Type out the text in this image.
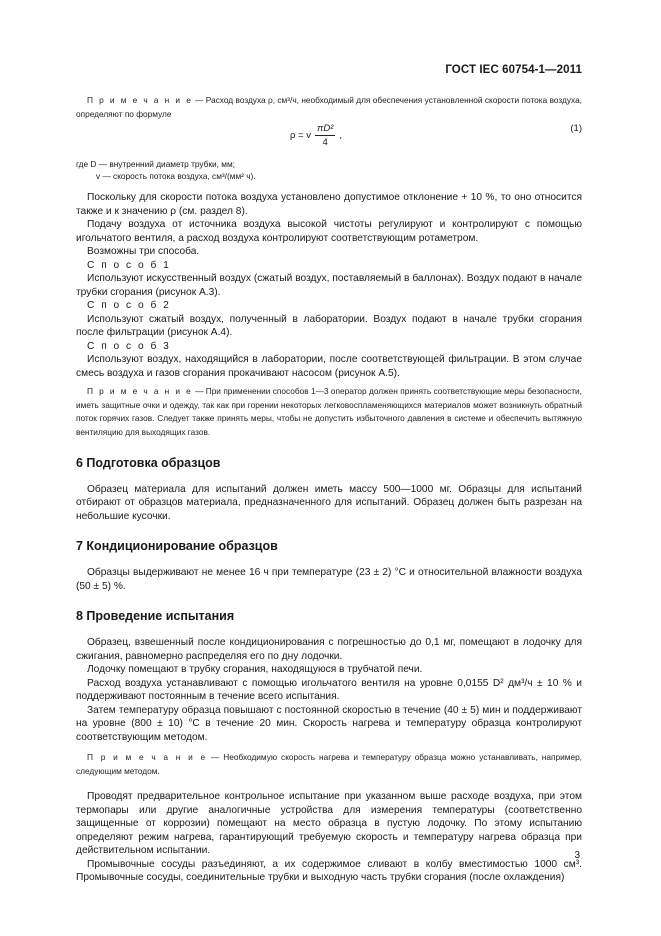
ГОСТ IEC 60754-1—2011

П р и м е ч а н и е — Расход воздуха ρ, см³/ч, необходимый для обеспечения установленной скорости потока воздуха, определяют по формуле

ρ = v $\frac{\text{πD²}}{4}$ ,
(1)

где D — внутренний диаметр трубки, мм;

v — скорость потока воздуха, см³/(мм² ч).

Поскольку для скорости потока воздуха установлено допустимое отклонение + 10 %, то оно относится также и к значению ρ (см. раздел 8).

Подачу воздуха от источника воздуха высокой чистоты регулируют и контролируют с помощью игольчатого вентиля, а расход воздуха контролируют соответствующим ротаметром.

Возможны три способа.

С п о с о б 1

Используют искусственный воздух (сжатый воздух, поставляемый в баллонах). Воздух подают в начале трубки сгорания (рисунок А.3).

С п о с о б 2

Используют сжатый воздух, полученный в лаборатории. Воздух подают в начале трубки сгорания после фильтрации (рисунок А.4).

С п о с о б 3

Используют воздух, находящийся в лаборатории, после соответствующей фильтрации. В этом случае смесь воздуха и газов сгорания прокачивают насосом (рисунок А.5).

П р и м е ч а н и е — При применении способов 1—3 оператор должен принять соответствующие меры безопасности, иметь защитные очки и одежду, так как при горении некоторых легковоспламеняющихся материалов может возникнуть обратный поток горячих газов. Следует также принять меры, чтобы не допустить избыточного давления в системе и обеспечить вытяжную вентиляцию для выходящих газов.

6 Подготовка образцов

Образец материала для испытаний должен иметь массу 500—1000 мг. Образцы для испытаний отбирают от образцов материала, предназначенного для испытаний. Образец должен быть разрезан на небольшие кусочки.

7 Кондиционирование образцов

Образцы выдерживают не менее 16 ч при температуре (23 ± 2) °С и относительной влажности воздуха (50 ± 5) %.

8 Проведение испытания

Образец, взвешенный после кондиционирования с погрешностью до 0,1 мг, помещают в лодочку для сжигания, равномерно распределяя его по дну лодочки.

Лодочку помещают в трубку сгорания, находящуюся в трубчатой печи.

Расход воздуха устанавливают с помощью игольчатого вентиля на уровне 0,0155 D² дм³/ч ± 10 % и поддерживают постоянным в течение всего испытания.

Затем температуру образца повышают с постоянной скоростью в течение (40 ± 5) мин и поддерживают на уровне (800 ± 10) °С в течение 20 мин. Скорость нагрева и температуру образца контролируют соответствующим методом.

П р и м е ч а н и е — Необходимую скорость нагрева и температуру образца можно устанавливать, например, следующим методом.

Проводят предварительное контрольное испытание при указанном выше расходе воздуха, при этом термопары или другие аналогичные устройства для измерения температуры (соответственно защищенные от коррозии) помещают на место образца в пустую лодочку. По этому испытанию определяют режим нагрева, гарантирующий требуемую скорость и температуру нагрева образца при действительном испытании.

Промывочные сосуды разъединяют, а их содержимое сливают в колбу вместимостью 1000 см³. Промывочные сосуды, соединительные трубки и выходную часть трубки сгорания (после охлаждения)

3
